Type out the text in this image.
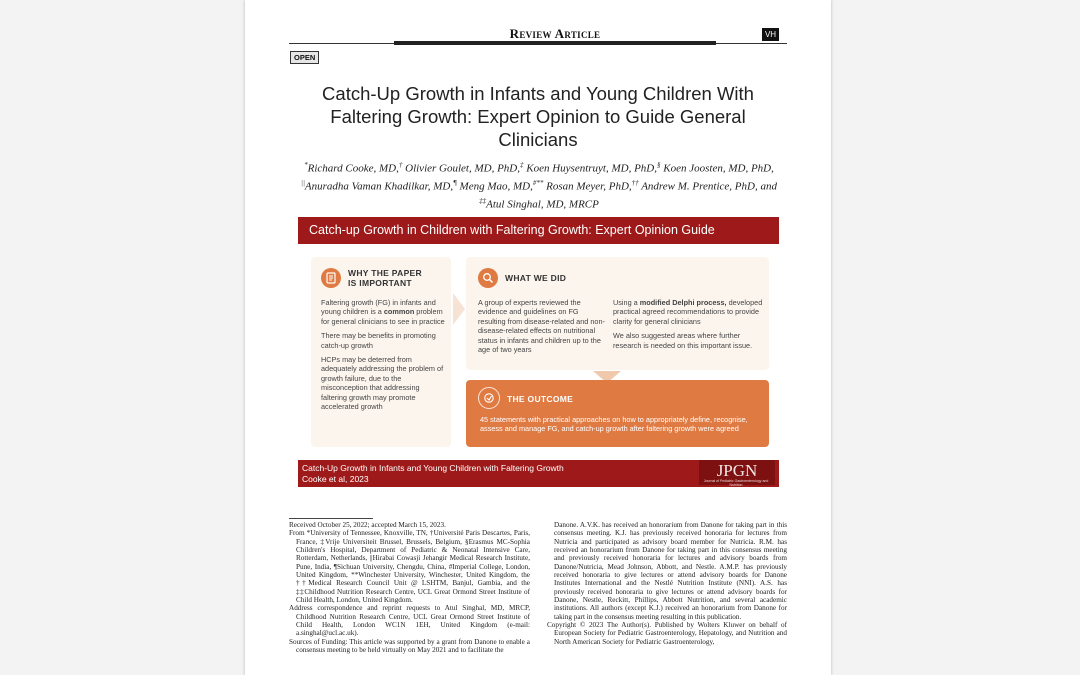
Review Article	VH
OPEN
Catch-Up Growth in Infants and Young Children With Faltering Growth: Expert Opinion to Guide General Clinicians
*Richard Cooke, MD,† Olivier Goulet, MD, PhD,‡ Koen Huysentruyt, MD, PhD,§ Koen Joosten, MD, PhD,
||Anuradha Vaman Khadilkar, MD,¶ Meng Mao, MD,#** Rosan Meyer, PhD,†† Andrew M. Prentice, PhD, and
‡‡Atul Singhal, MD, MRCP
Catch-up Growth in Children with Faltering Growth: Expert Opinion Guide
WHY THE PAPER
IS IMPORTANT

Faltering growth (FG) in infants and young children is a common problem for general clinicians to see in practice

There may be benefits in promoting catch-up growth

HCPs may be deterred from adequately addressing the problem of growth failure, due to the misconception that addressing faltering growth may promote accelerated growth

WHAT WE DID
A group of experts reviewed the evidence and guidelines on FG resulting from disease-related and non-disease-related effects on nutritional status in infants and children up to the age of two years

Using a modified Delphi process, developed practical agreed recommendations to provide clarity for general clinicians

We also suggested areas where further research is needed on this important issue.

THE OUTCOME
45 statements with practical approaches on how to appropriately define, recognise, assess and manage FG, and catch-up growth after faltering growth were agreed
Catch-Up Growth in Infants and Young Children with Faltering Growth
Cooke et al, 2023	JPGN
Journal of Pediatric Gastroenterology and Nutrition

Received October 25, 2022; accepted March 15, 2023.

From *University of Tennessee, Knoxville, TN, †Université Paris Descartes, Paris, France, ‡Vrije Universiteit Brussel, Brussels, Belgium, §Erasmus MC-Sophia Children's Hospital, Department of Pediatric & Neonatal Intensive Care, Rotterdam, Netherlands, ||Hirabai Cowasji Jehangir Medical Research Institute, Pune, India, ¶Sichuan University, Chengdu, China, #Imperial College, London, United Kingdom, **Winchester University, Winchester, United Kingdom, the ††Medical Research Council Unit @ LSHTM, Banjul, Gambia, and the ‡‡Childhood Nutrition Research Centre, UCL Great Ormond Street Institute of Child Health, London, United Kingdom.

Address correspondence and reprint requests to Atul Singhal, MD, MRCP, Childhood Nutrition Research Centre, UCL Great Ormond Street Institute of Child Health, London WC1N 1EH, United Kingdom (e-mail: a.singhal@ucl.ac.uk).

Sources of Funding: This article was supported by a grant from Danone to enable a consensus meeting to be held virtually on May 2021 and to facilitate the

Danone. A.V.K. has received an honorarium from Danone for taking part in this consensus meeting. K.J. has previously received honoraria for lectures from Nutricia and participated as advisory board member for Nutricia. R.M. has received an honorarium from Danone for taking part in this consensus meeting and previously received honoraria for lectures and advisory boards from Danone/Nutricia, Mead Johnson, Abbott, and Nestle. A.M.P. has previously received honoraria to give lectures or attend advisory boards for Danone Institutes International and the Nestlé Nutrition Institute (NNI). A.S. has previously received honoraria to give lectures or attend advisory boards for Danone, Nestle, Reckitt, Phillips, Abbott Nutrition, and several academic institutions. All authors (except K.J.) received an honorarium from Danone for taking part in the consensus meeting resulting in this publication.

Copyright © 2023 The Author(s). Published by Wolters Kluwer on behalf of European Society for Pediatric Gastroenterology, Hepatology, and Nutrition and North American Society for Pediatric Gastroenterology,
